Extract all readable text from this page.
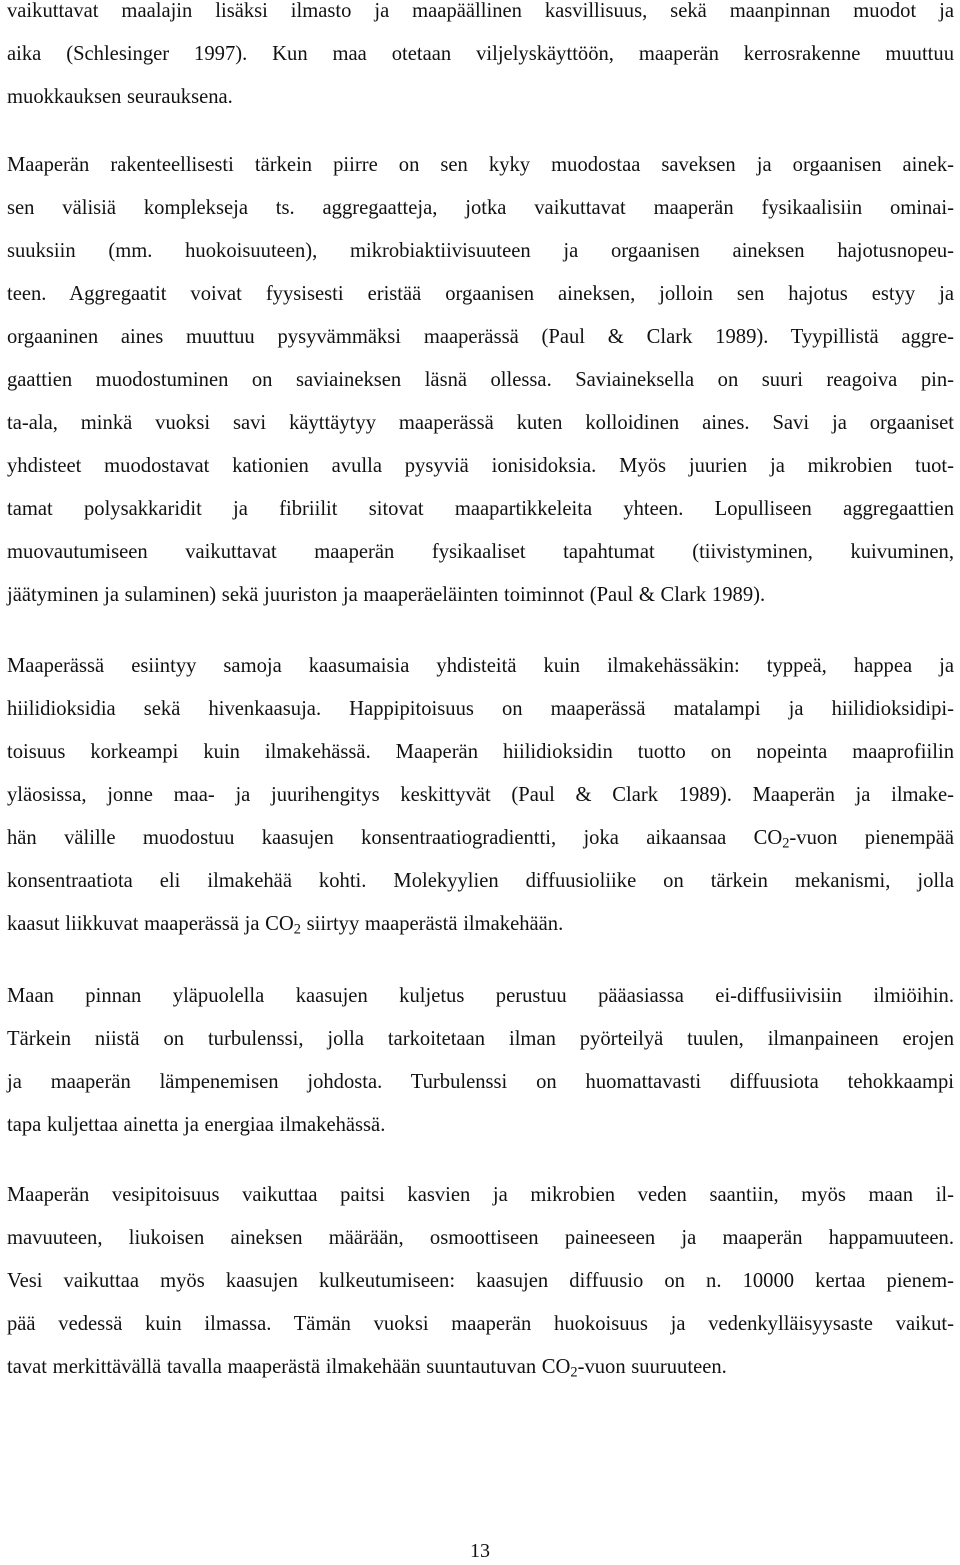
vaikuttavat maalajin lisäksi ilmasto ja maapäällinen kasvillisuus, sekä maanpinnan muodot ja
aika (Schlesinger 1997). Kun maa otetaan viljelyskäyttöön, maaperän kerrosrakenne muuttuu
muokkauksen seurauksena.
Maaperän rakenteellisesti tärkein piirre on sen kyky muodostaa saveksen ja orgaanisen ainek-
sen välisiä komplekseja ts. aggregaatteja, jotka vaikuttavat maaperän fysikaalisiin ominai-
suuksiin (mm. huokoisuuteen), mikrobiaktiivisuuteen ja orgaanisen aineksen hajotusnopeu-
teen. Aggregaatit voivat fyysisesti eristää orgaanisen aineksen, jolloin sen hajotus estyy ja
orgaaninen aines muuttuu pysyvämmäksi maaperässä (Paul & Clark 1989). Tyypillistä aggre-
gaattien muodostuminen on saviaineksen läsnä ollessa. Saviaineksella on suuri reagoiva pin-
ta-ala, minkä vuoksi savi käyttäytyy maaperässä kuten kolloidinen aines. Savi ja orgaaniset
yhdisteet muodostavat kationien avulla pysyviä ionisidoksia. Myös juurien ja mikrobien tuot-
tamat polysakkaridit ja fibriilit sitovat maapartikkeleita yhteen. Lopulliseen aggregaattien
muovautumiseen vaikuttavat maaperän fysikaaliset tapahtumat (tiivistyminen, kuivuminen,
jäätyminen ja sulaminen) sekä juuriston ja maaperäeläinten toiminnot (Paul & Clark 1989).
Maaperässä esiintyy samoja kaasumaisia yhdisteitä kuin ilmakehässäkin: typpeä, happea ja
hiilidioksidia sekä hivenkaasuja. Happipitoisuus on maaperässä matalampi ja hiilidioksidipi-
toisuus korkeampi kuin ilmakehässä. Maaperän hiilidioksidin tuotto on nopeinta maaprofiilin
yläosissa, jonne maa- ja juurihengitys keskittyvät (Paul & Clark 1989). Maaperän ja ilmake-
hän välille muodostuu kaasujen konsentraatiogradientti, joka aikaansaa $CO_2$-vuon pienempää
konsentraatiota eli ilmakehää kohti. Molekyylien diffuusioliike on tärkein mekanismi, jolla
kaasut liikkuvat maaperässä ja $CO_2$ siirtyy maaperästä ilmakehään.
Maan pinnan yläpuolella kaasujen kuljetus perustuu pääasiassa ei-diffusiivisiin ilmiöihin.
Tärkein niistä on turbulenssi, jolla tarkoitetaan ilman pyörteilyä tuulen, ilmanpaineen erojen
ja maaperän lämpenemisen johdosta. Turbulenssi on huomattavasti diffuusiota tehokkaampi
tapa kuljettaa ainetta ja energiaa ilmakehässä.
Maaperän vesipitoisuus vaikuttaa paitsi kasvien ja mikrobien veden saantiin, myös maan il-
mavuuteen, liukoisen aineksen määrään, osmoottiseen paineeseen ja maaperän happamuuteen.
Vesi vaikuttaa myös kaasujen kulkeutumiseen: kaasujen diffuusio on n. 10000 kertaa pienem-
pää vedessä kuin ilmassa. Tämän vuoksi maaperän huokoisuus ja vedenkylläisyysaste vaikut-
tavat merkittävällä tavalla maaperästä ilmakehään suuntautuvan $CO_2$-vuon suuruuteen.
13
